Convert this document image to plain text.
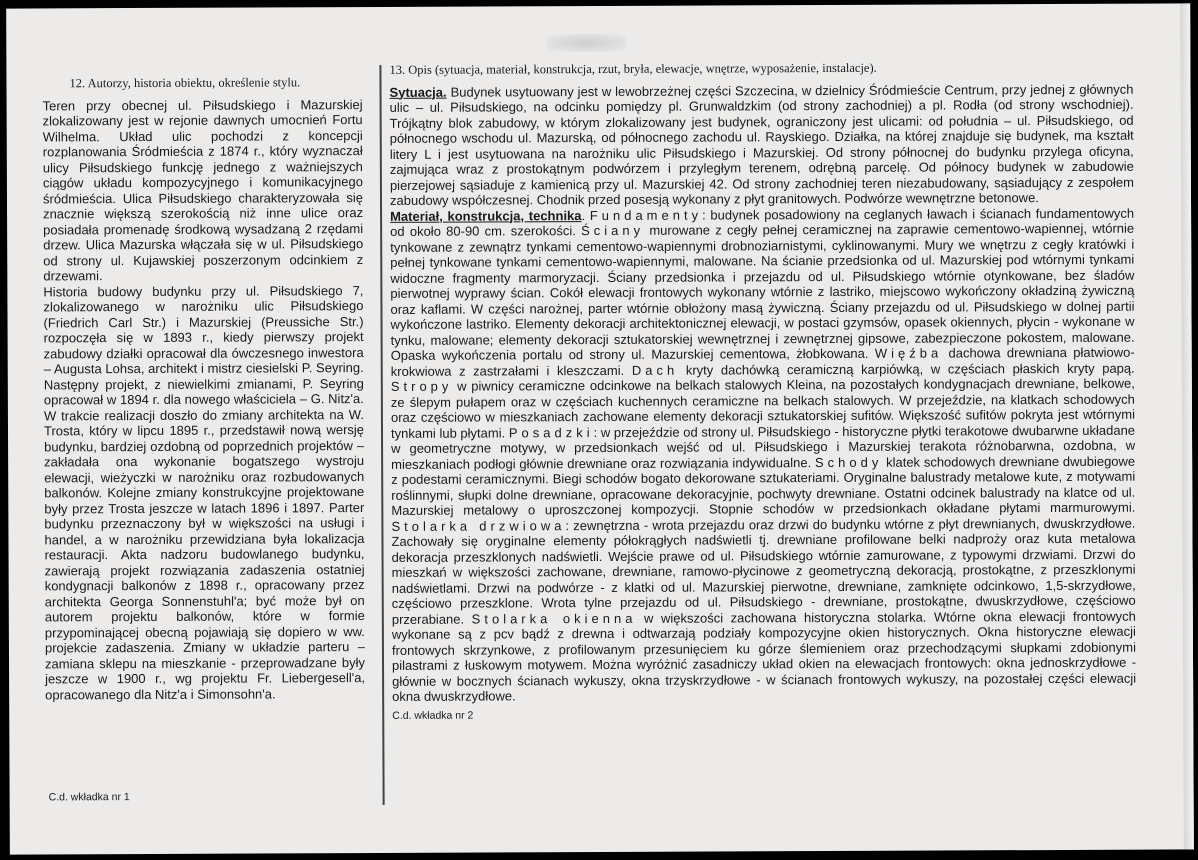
12. Autorzy, historia obiektu, określenie stylu.

Teren przy obecnej ul. Piłsudskiego i Mazurskiej zlokalizowany jest w rejonie dawnych umocnień Fortu Wilhelma. Układ ulic pochodzi z koncepcji rozplanowania Śródmieścia z 1874 r., który wyznaczał ulicy Piłsudskiego funkcję jednego z ważniejszych ciągów układu kompozycyjnego i komunikacyjnego śródmieścia. Ulica Piłsudskiego charakteryzowała się znacznie większą szerokością niż inne ulice oraz posiadała promenadę środkową wysadzaną 2 rzędami drzew. Ulica Mazurska włączała się w ul. Piłsudskiego od strony ul. Kujawskiej poszerzonym odcinkiem z drzewami.

Historia budowy budynku przy ul. Piłsudskiego 7, zlokalizowanego w narożniku ulic Piłsudskiego (Friedrich Carl Str.) i Mazurskiej (Preussiche Str.) rozpoczęła się w 1893 r., kiedy pierwszy projekt zabudowy działki opracował dla ówczesnego inwestora – Augusta Lohsa, architekt i mistrz ciesielski P. Seyring. Następny projekt, z niewielkimi zmianami, P. Seyring opracował w 1894 r. dla nowego właściciela – G. Nitz'a. W trakcie realizacji doszło do zmiany architekta na W. Trosta, który w lipcu 1895 r., przedstawił nową wersję budynku, bardziej ozdobną od poprzednich projektów – zakładała ona wykonanie bogatszego wystroju elewacji, wieżyczki w narożniku oraz rozbudowanych balkonów. Kolejne zmiany konstrukcyjne projektowane były przez Trosta jeszcze w latach 1896 i 1897. Parter budynku przeznaczony był w większości na usługi i handel, a w narożniku przewidziana była lokalizacja restauracji. Akta nadzoru budowlanego budynku, zawierają projekt rozwiązania zadaszenia ostatniej kondygnacji balkonów z 1898 r., opracowany przez architekta Georga Sonnenstuhl'a; być może był on autorem projektu balkonów, które w formie przypominającej obecną pojawiają się dopiero w ww. projekcie zadaszenia. Zmiany w układzie parteru – zamiana sklepu na mieszkanie - przeprowadzane były jeszcze w 1900 r., wg projektu Fr. Liebergesell'a, opracowanego dla Nitz'a i Simonsohn'a.

C.d. wkładka nr 1
13. Opis (sytuacja, materiał, konstrukcja, rzut, bryła, elewacje, wnętrze, wyposażenie, instalacje).

Sytuacja. Budynek usytuowany jest w lewobrzeżnej części Szczecina, w dzielnicy Śródmieście Centrum, przy jednej z głównych ulic – ul. Piłsudskiego, na odcinku pomiędzy pl. Grunwaldzkim (od strony zachodniej) a pl. Rodła (od strony wschodniej). Trójkątny blok zabudowy, w którym zlokalizowany jest budynek, ograniczony jest ulicami: od południa – ul. Piłsudskiego, od północnego wschodu ul. Mazurską, od północnego zachodu ul. Rayskiego. Działka, na której znajduje się budynek, ma kształt litery L i jest usytuowana na narożniku ulic Piłsudskiego i Mazurskiej. Od strony północnej do budynku przylega oficyna, zajmująca wraz z prostokątnym podwórzem i przyległym terenem, odrębną parcelę. Od północy budynek w zabudowie pierzejowej sąsiaduje z kamienicą przy ul. Mazurskiej 42. Od strony zachodniej teren niezabudowany, sąsiadujący z zespołem zabudowy współczesnej. Chodnik przed posesją wykonany z płyt granitowych. Podwórze wewnętrzne betonowe.

Materiał, konstrukcja, technika. Fundamenty: budynek posadowiony na ceglanych ławach i ścianach fundamentowych od około 80-90 cm. szerokości. Ściany murowane z cegły pełnej ceramicznej na zaprawie cementowo-wapiennej, wtórnie tynkowane z zewnątrz tynkami cementowo-wapiennymi drobnoziarnistymi, cyklinowanymi. Mury we wnętrzu z cegły kratówki i pełnej tynkowane tynkami cementowo-wapiennymi, malowane. Na ścianie przedsionka od ul. Mazurskiej pod wtórnymi tynkami widoczne fragmenty marmoryzacji. Ściany przedsionka i przejazdu od ul. Piłsudskiego wtórnie otynkowane, bez śladów pierwotnej wyprawy ścian. Cokół elewacji frontowych wykonany wtórnie z lastriko, miejscowo wykończony okładziną żywiczną oraz kaflami. W części narożnej, parter wtórnie obłożony masą żywiczną. Ściany przejazdu od ul. Piłsudskiego w dolnej partii wykończone lastriko. Elementy dekoracji architektonicznej elewacji, w postaci gzymsów, opasek okiennych, płycin - wykonane w tynku, malowane; elementy dekoracji sztukatorskiej wewnętrznej i zewnętrznej gipsowe, zabezpieczone pokostem, malowane. Opaska wykończenia portalu od strony ul. Mazurskiej cementowa, żłobkowana. Więźba dachowa drewniana płatwiowo-krokwiowa z zastrzałami i kleszczami. Dach kryty dachówką ceramiczną karpiówką, w częściach płaskich kryty papą. Stropy w piwnicy ceramiczne odcinkowe na belkach stalowych Kleina, na pozostałych kondygnacjach drewniane, belkowe, ze ślepym pułapem oraz w częściach kuchennych ceramiczne na belkach stalowych. W przejeździe, na klatkach schodowych oraz częściowo w mieszkaniach zachowane elementy dekoracji sztukatorskiej sufitów. Większość sufitów pokryta jest wtórnymi tynkami lub płytami. Posadzki: w przejeździe od strony ul. Piłsudskiego - historyczne płytki terakotowe dwubarwne układane w geometryczne motywy, w przedsionkach wejść od ul. Piłsudskiego i Mazurskiej terakota różnobarwna, ozdobna, w mieszkaniach podłogi głównie drewniane oraz rozwiązania indywidualne. Schody klatek schodowych drewniane dwubiegowe z podestami ceramicznymi. Biegi schodów bogato dekorowane sztukateriami. Oryginalne balustrady metalowe kute, z motywami roślinnymi, słupki dolne drewniane, opracowane dekoracyjnie, pochwyty drewniane. Ostatni odcinek balustrady na klatce od ul. Mazurskiej metalowy o uproszczonej kompozycji. Stopnie schodów w przedsionkach okładane płytami marmurowymi. Stolarka drzwiowa: zewnętrzna - wrota przejazdu oraz drzwi do budynku wtórne z płyt drewnianych, dwuskrzydłowe. Zachowały się oryginalne elementy półokrągłych nadświetli tj. drewniane profilowane belki nadproży oraz kuta metalowa dekoracja przeszklonych nadświetli. Wejście prawe od ul. Piłsudskiego wtórnie zamurowane, z typowymi drzwiami. Drzwi do mieszkań w większości zachowane, drewniane, ramowo-płycinowe z geometryczną dekoracją, prostokątne, z przeszklonymi nadświetlami. Drzwi na podwórze - z klatki od ul. Mazurskiej pierwotne, drewniane, zamknięte odcinkowo, 1,5-skrzydłowe, częściowo przeszklone. Wrota tylne przejazdu od ul. Piłsudskiego - drewniane, prostokątne, dwuskrzydłowe, częściowo przerabiane. Stolarka okienna w większości zachowana historyczna stolarka. Wtórne okna elewacji frontowych wykonane są z pcv bądź z drewna i odtwarzają podziały kompozycyjne okien historycznych. Okna historyczne elewacji frontowych skrzynkowe, z profilowanym przesunięciem ku górze ślemieniem oraz przechodzącymi słupkami zdobionymi pilastrami z łuskowym motywem. Można wyróżnić zasadniczy układ okien na elewacjach frontowych: okna jednoskrzydłowe - głównie w bocznych ścianach wykuszy, okna trzyskrzydłowe - w ścianach frontowych wykuszy, na pozostałej części elewacji okna dwuskrzydłowe.

C.d. wkładka nr 2
